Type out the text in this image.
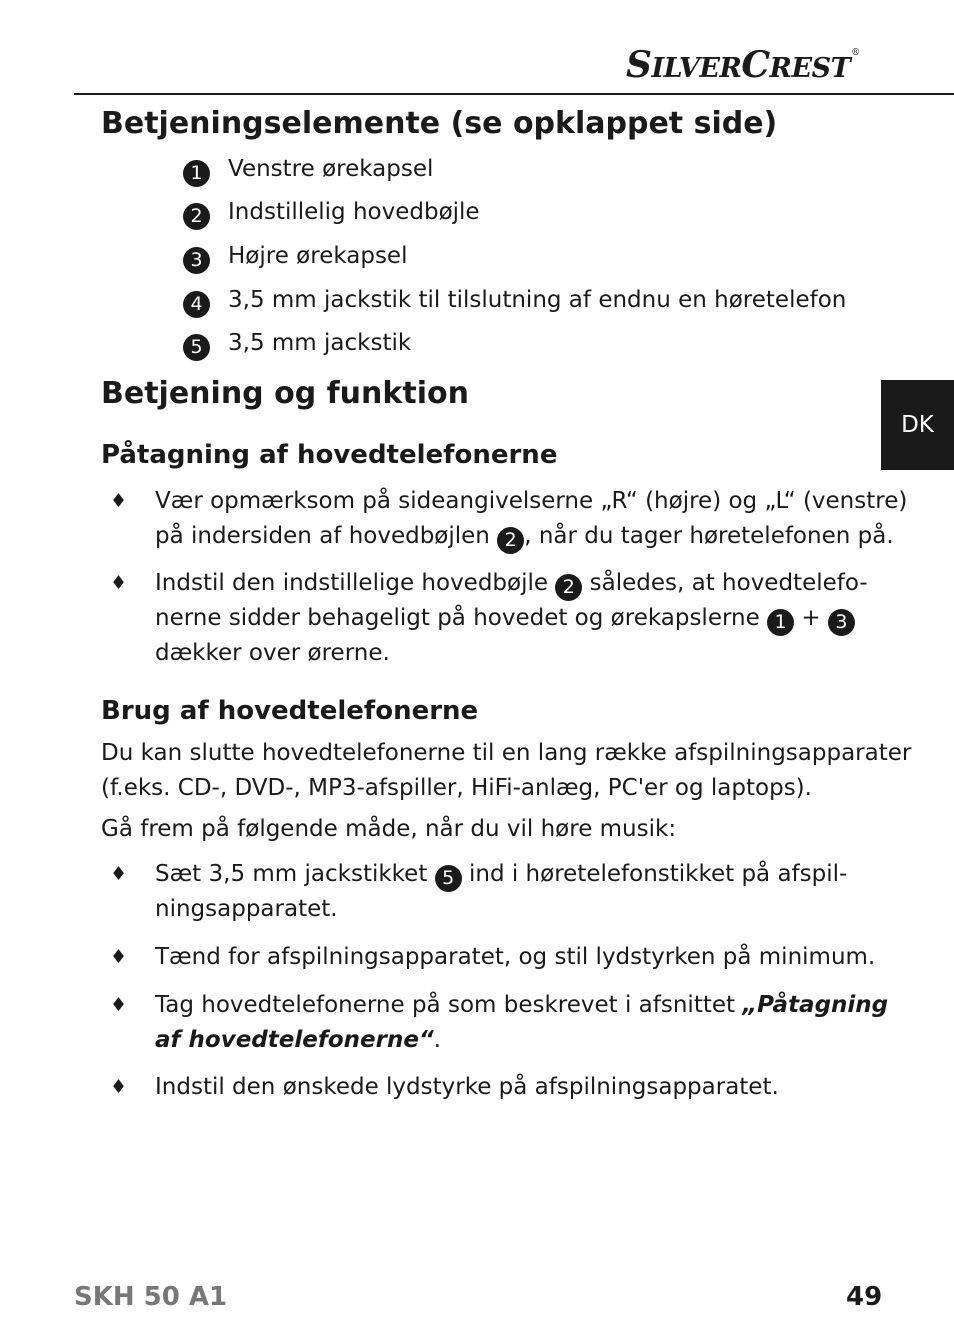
SILVERCREST®
DK
Betjeningselemente (se opklappet side)
1 Venstre ørekapsel
2 Indstillelig hovedbøjle
3 Højre ørekapsel
4 3,5 mm jackstik til tilslutning af endnu en høretelefon
5 3,5 mm jackstik
Betjening og funktion
Påtagning af hovedtelefonerne
♦ Vær opmærksom på sideangivelserne „R“ (højre) og „L“ (venstre)
på indersiden af hovedbøjlen 2 , når du tager høretelefonen på.
♦ Indstil den indstillelige hovedbøjle 2 således, at hovedtelefo-
nerne sidder behageligt på hovedet og ørekapslerne 1 + 3
dækker over ørerne.
Brug af hovedtelefonerne
Du kan slutte hovedtelefonerne til en lang række afspilningsapparater
(f.eks. CD-, DVD-, MP3-afspiller, HiFi-anlæg, PC'er og laptops).
Gå frem på følgende måde, når du vil høre musik:
♦ Sæt 3,5 mm jackstikket 5 ind i høretelefonstikket på afspil-
ningsapparatet.
♦ Tænd for afspilningsapparatet, og stil lydstyrken på minimum.
♦ Tag hovedtelefonerne på som beskrevet i afsnittet „Påtagning
af hovedtelefonerne“.
♦ Indstil den ønskede lydstyrke på afspilningsapparatet.
SKH 50 A1	49
